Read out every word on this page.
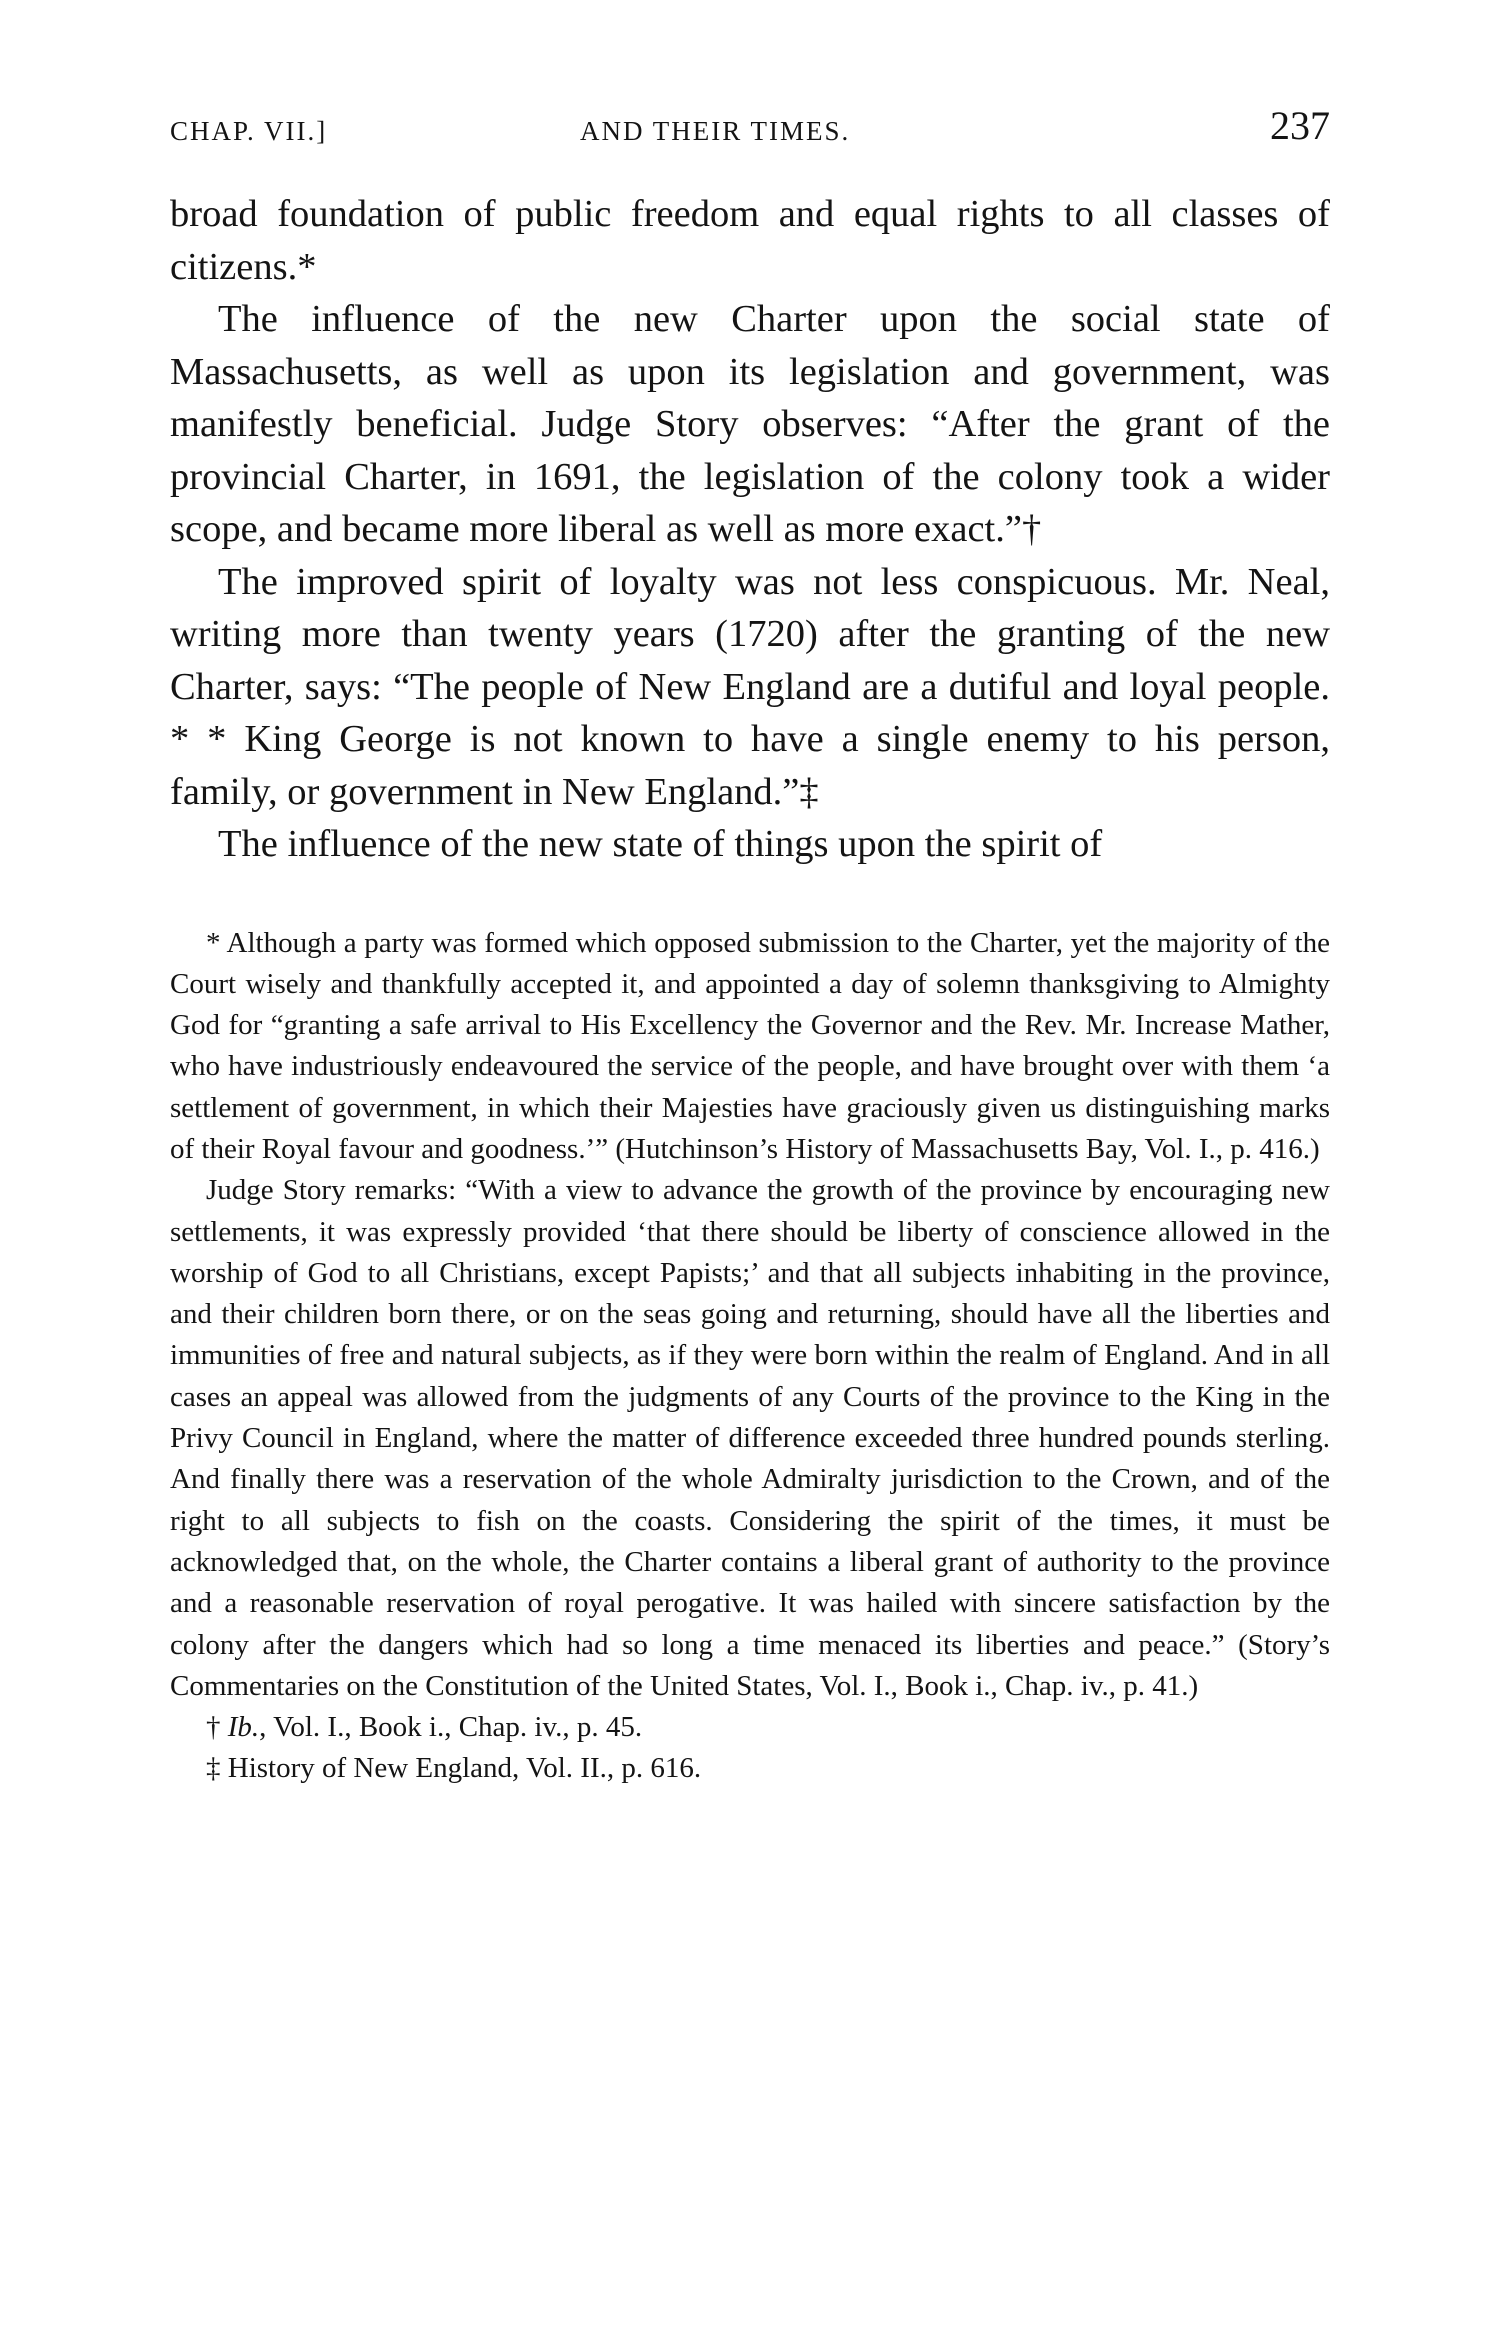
CHAP. VII.]	AND THEIR TIMES.	237

broad foundation of public freedom and equal rights to all classes of citizens.*

The influence of the new Charter upon the social state of Massachusetts, as well as upon its legislation and government, was manifestly beneficial. Judge Story observes: “After the grant of the provincial Charter, in 1691, the legislation of the colony took a wider scope, and became more liberal as well as more exact.”†

The improved spirit of loyalty was not less conspicuous. Mr. Neal, writing more than twenty years (1720) after the granting of the new Charter, says: “The people of New England are a dutiful and loyal people. * * King George is not known to have a single enemy to his person, family, or government in New England.”‡

The influence of the new state of things upon the spirit of

* Although a party was formed which opposed submission to the Charter, yet the majority of the Court wisely and thankfully accepted it, and appointed a day of solemn thanksgiving to Almighty God for “granting a safe arrival to His Excellency the Governor and the Rev. Mr. Increase Mather, who have industriously endeavoured the service of the people, and have brought over with them ‘a settlement of government, in which their Majesties have graciously given us distinguishing marks of their Royal favour and goodness.’” (Hutchinson’s History of Massachusetts Bay, Vol. I., p. 416.)

Judge Story remarks: “With a view to advance the growth of the province by encouraging new settlements, it was expressly provided ‘that there should be liberty of conscience allowed in the worship of God to all Christians, except Papists;’ and that all subjects inhabiting in the province, and their children born there, or on the seas going and returning, should have all the liberties and immunities of free and natural subjects, as if they were born within the realm of England. And in all cases an appeal was allowed from the judgments of any Courts of the province to the King in the Privy Council in England, where the matter of difference exceeded three hundred pounds sterling. And finally there was a reservation of the whole Admiralty jurisdiction to the Crown, and of the right to all subjects to fish on the coasts. Considering the spirit of the times, it must be acknowledged that, on the whole, the Charter contains a liberal grant of authority to the province and a reasonable reservation of royal perogative. It was hailed with sincere satisfaction by the colony after the dangers which had so long a time menaced its liberties and peace.” (Story’s Commentaries on the Constitution of the United States, Vol. I., Book i., Chap. iv., p. 41.)

† Ib., Vol. I., Book i., Chap. iv., p. 45.

‡ History of New England, Vol. II., p. 616.
